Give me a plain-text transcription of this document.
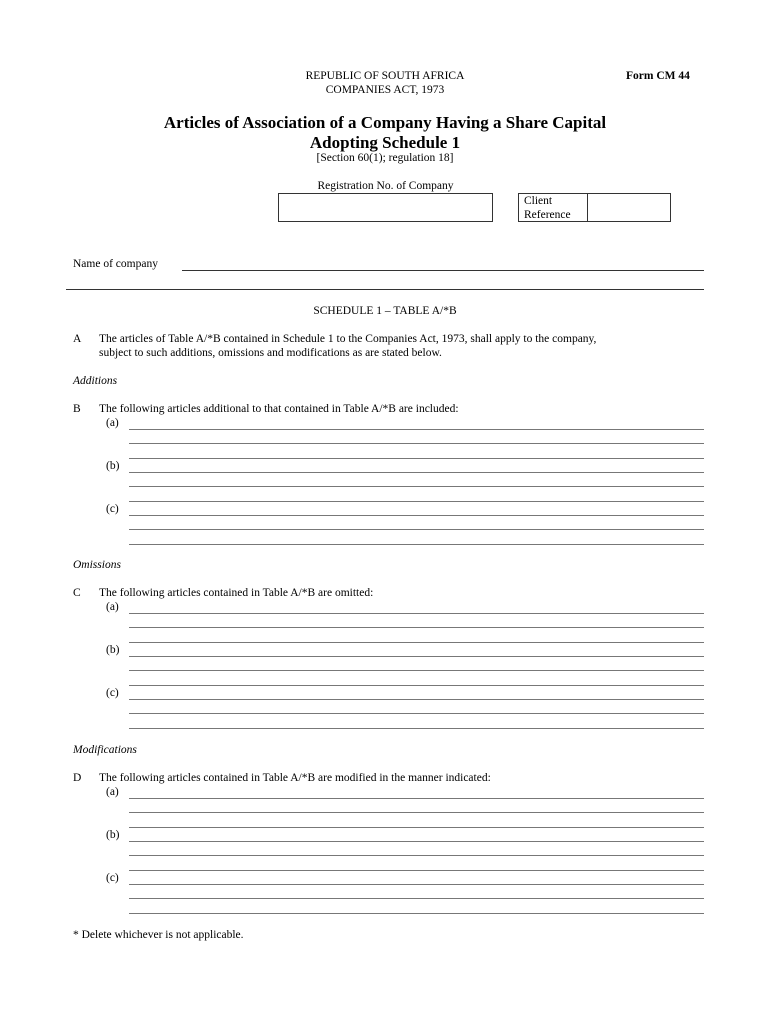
REPUBLIC OF SOUTH AFRICA
COMPANIES ACT, 1973
Form CM 44
Articles of Association of a Company Having a Share Capital
Adopting Schedule 1
[Section 60(1); regulation 18]
Registration No. of Company
Client
Reference
Name of company
SCHEDULE 1 – TABLE A/*B
A The articles of Table A/*B contained in Schedule 1 to the Companies Act, 1973, shall apply to the company,
subject to such additions, omissions and modifications as are stated below.
Additions
B The following articles additional to that contained in Table A/*B are included:
(a)
(b)
(c)
Omissions
C The following articles contained in Table A/*B are omitted:
(a)
(b)
(c)
Modifications
D The following articles contained in Table A/*B are modified in the manner indicated:
(a)
(b)
(c)
* Delete whichever is not applicable.
